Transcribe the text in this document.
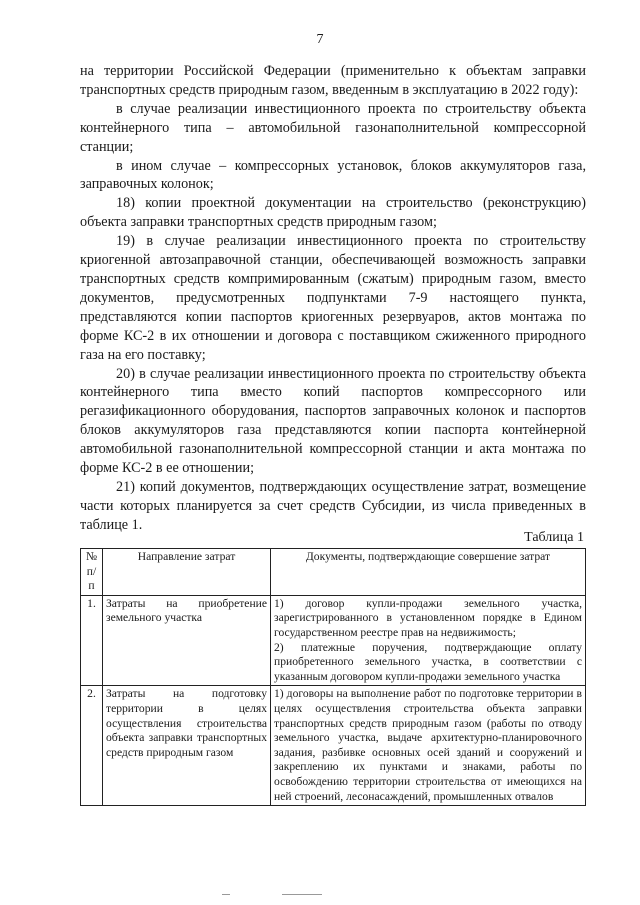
7

на территории Российской Федерации (применительно к объектам заправки транспортных средств природным газом, введенным в эксплуатацию в 2022 году):

в случае реализации инвестиционного проекта по строительству объекта контейнерного типа – автомобильной газонаполнительной компрессорной станции;

в ином случае – компрессорных установок, блоков аккумуляторов газа, заправочных колонок;

18) копии проектной документации на строительство (реконструкцию) объекта заправки транспортных средств природным газом;

19) в случае реализации инвестиционного проекта по строительству криогенной автозаправочной станции, обеспечивающей возможность заправки транспортных средств компримированным (сжатым) природным газом, вместо документов, предусмотренных подпунктами 7-9 настоящего пункта, представляются копии паспортов криогенных резервуаров, актов монтажа по форме КС-2 в их отношении и договора с поставщиком сжиженного природного газа на его поставку;

20) в случае реализации инвестиционного проекта по строительству объекта контейнерного типа вместо копий паспортов компрессорного или регазификационного оборудования, паспортов заправочных колонок и паспортов блоков аккумуляторов газа представляются копии паспорта контейнерной автомобильной газонаполнительной компрессорной станции и акта монтажа по форме КС-2 в ее отношении;

21) копий документов, подтверждающих осуществление затрат, возмещение части которых планируется за счет средств Субсидии, из числа приведенных в таблице 1.

Таблица 1
№ п/п	Направление затрат	Документы, подтверждающие совершение затрат
1.	Затраты на приобретение земельного участка	1) договор купли-продажи земельного участка, зарегистрированного в установленном порядке в Едином государственном реестре прав на недвижимость;
2) платежные поручения, подтверждающие оплату приобретенного земельного участка, в соответствии с указанным договором купли-продажи земельного участка

2.	Затраты на подготовку территории в целях осуществления строительства объекта заправки транспортных средств природным газом	1) договоры на выполнение работ по подготовке территории в целях осуществления строительства объекта заправки транспортных средств природным газом (работы по отводу земельного участка, выдаче архитектурно-планировочного задания, разбивке основных осей зданий и сооружений и закреплению их пунктами и знаками, работы по освобождению территории строительства от имеющихся на ней строений, лесонасаждений, промышленных отвалов
